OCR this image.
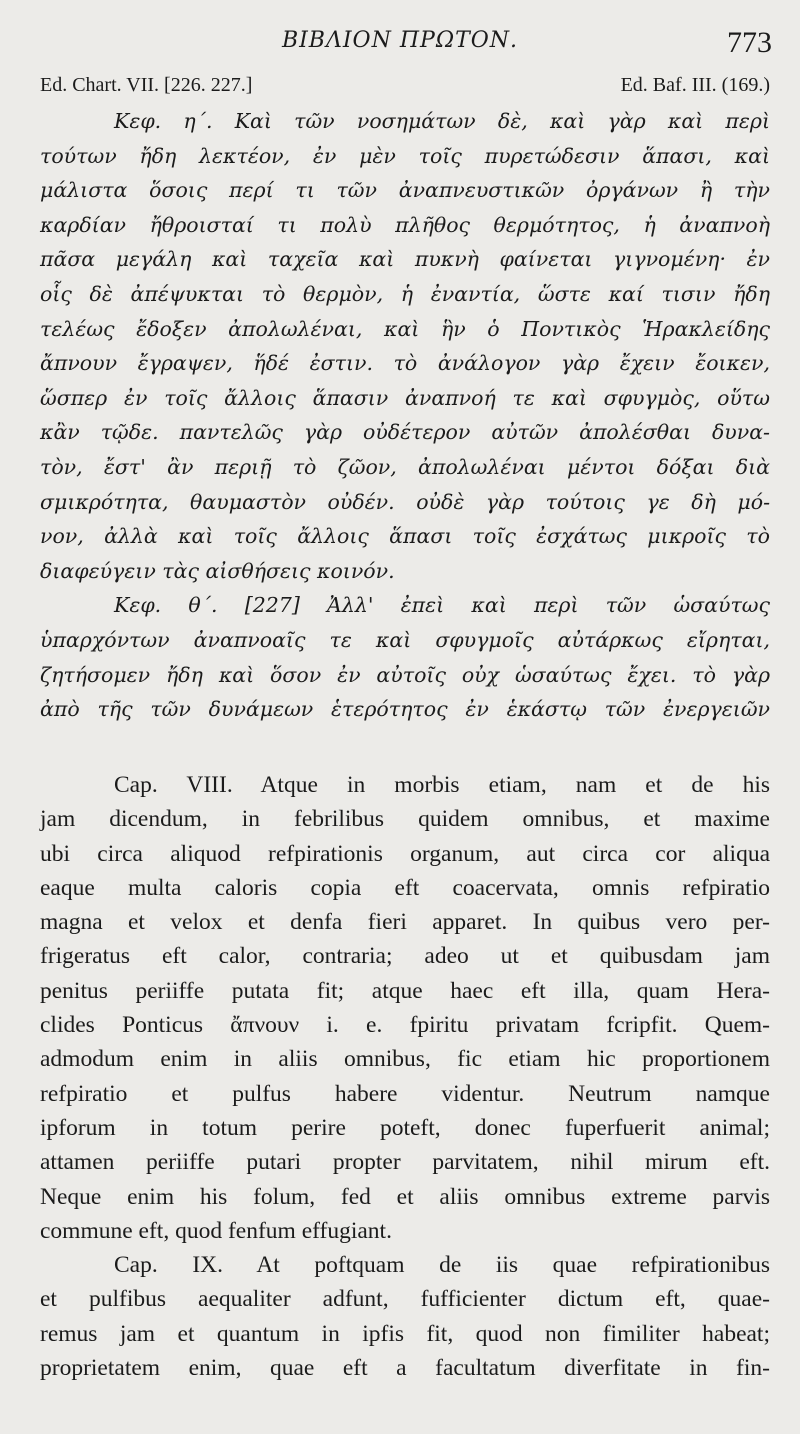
ΒΙΒΛΙΟΝ ΠΡΩΤΟΝ.	773
Ed. Chart. VII. [226. 227.]	Ed. Baf. III. (169.)
Κεφ. η΄. Καὶ τῶν νοσημάτων δὲ, καὶ γὰρ καὶ περὶ
τούτων ἤδη λεκτέον, ἐν μὲν τοῖς πυρετώδεσιν ἅπασι, καὶ
μάλιστα ὅσοις περί τι τῶν ἀναπνευστικῶν ὀργάνων ἢ τὴν
καρδίαν ἤθροισταί τι πολὺ πλῆθος θερμότητος, ἡ ἀναπνοὴ
πᾶσα μεγάλη καὶ ταχεῖα καὶ πυκνὴ φαίνεται γιγνομένη· ἐν
οἷς δὲ ἀπέψυκται τὸ θερμὸν, ἡ ἐναντία, ὥστε καί τισιν ἤδη
τελέως ἔδοξεν ἀπολωλέναι, καὶ ἣν ὁ Ποντικὸς Ἡρακλείδης
ἄπνουν ἔγραψεν, ἥδέ ἐστιν. τὸ ἀνάλογον γὰρ ἔχειν ἔοικεν,
ὥσπερ ἐν τοῖς ἄλλοις ἅπασιν ἀναπνοή τε καὶ σφυγμὸς, οὕτω
κἂν τῷδε. παντελῶς γὰρ οὐδέτερον αὐτῶν ἀπολέσθαι δυνα-
τὸν, ἔστ' ἂν περιῇ τὸ ζῶον, ἀπολωλέναι μέντοι δόξαι διὰ
σμικρότητα, θαυμαστὸν οὐδέν. οὐδὲ γὰρ τούτοις γε δὴ μό-
νον, ἀλλὰ καὶ τοῖς ἄλλοις ἅπασι τοῖς ἐσχάτως μικροῖς τὸ
διαφεύγειν τὰς αἰσθήσεις κοινόν.
Κεφ. θ΄. [227] Ἀλλ' ἐπεὶ καὶ περὶ τῶν ὡσαύτως
ὑπαρχόντων ἀναπνοαῖς τε καὶ σφυγμοῖς αὐτάρκως εἴρηται,
ζητήσομεν ἤδη καὶ ὅσον ἐν αὐτοῖς οὐχ ὡσαύτως ἔχει. τὸ γὰρ
ἀπὸ τῆς τῶν δυνάμεων ἑτερότητος ἐν ἑκάστῳ τῶν ἐνεργειῶν
Cap. VIII. Atque in morbis etiam, nam et de his
jam dicendum, in febrilibus quidem omnibus, et maxime
ubi circa aliquod refpirationis organum, aut circa cor aliqua
eaque multa caloris copia eft coacervata, omnis refpiratio
magna et velox et denfa fieri apparet. In quibus vero per-
frigeratus eft calor, contraria; adeo ut et quibusdam jam
penitus periiffe putata fit; atque haec eft illa, quam Hera-
clides Ponticus ἄπνουν i. e. fpiritu privatam fcripfit. Quem-
admodum enim in aliis omnibus, fic etiam hic proportionem
refpiratio et pulfus habere videntur. Neutrum namque
ipforum in totum perire poteft, donec fuperfuerit animal;
attamen periiffe putari propter parvitatem, nihil mirum eft.
Neque enim his folum, fed et aliis omnibus extreme parvis
commune eft, quod fenfum effugiant.
Cap. IX. At poftquam de iis quae refpirationibus
et pulfibus aequaliter adfunt, fufficienter dictum eft, quae-
remus jam et quantum in ipfis fit, quod non fimiliter habeat;
proprietatem enim, quae eft a facultatum diverfitate in fin-
